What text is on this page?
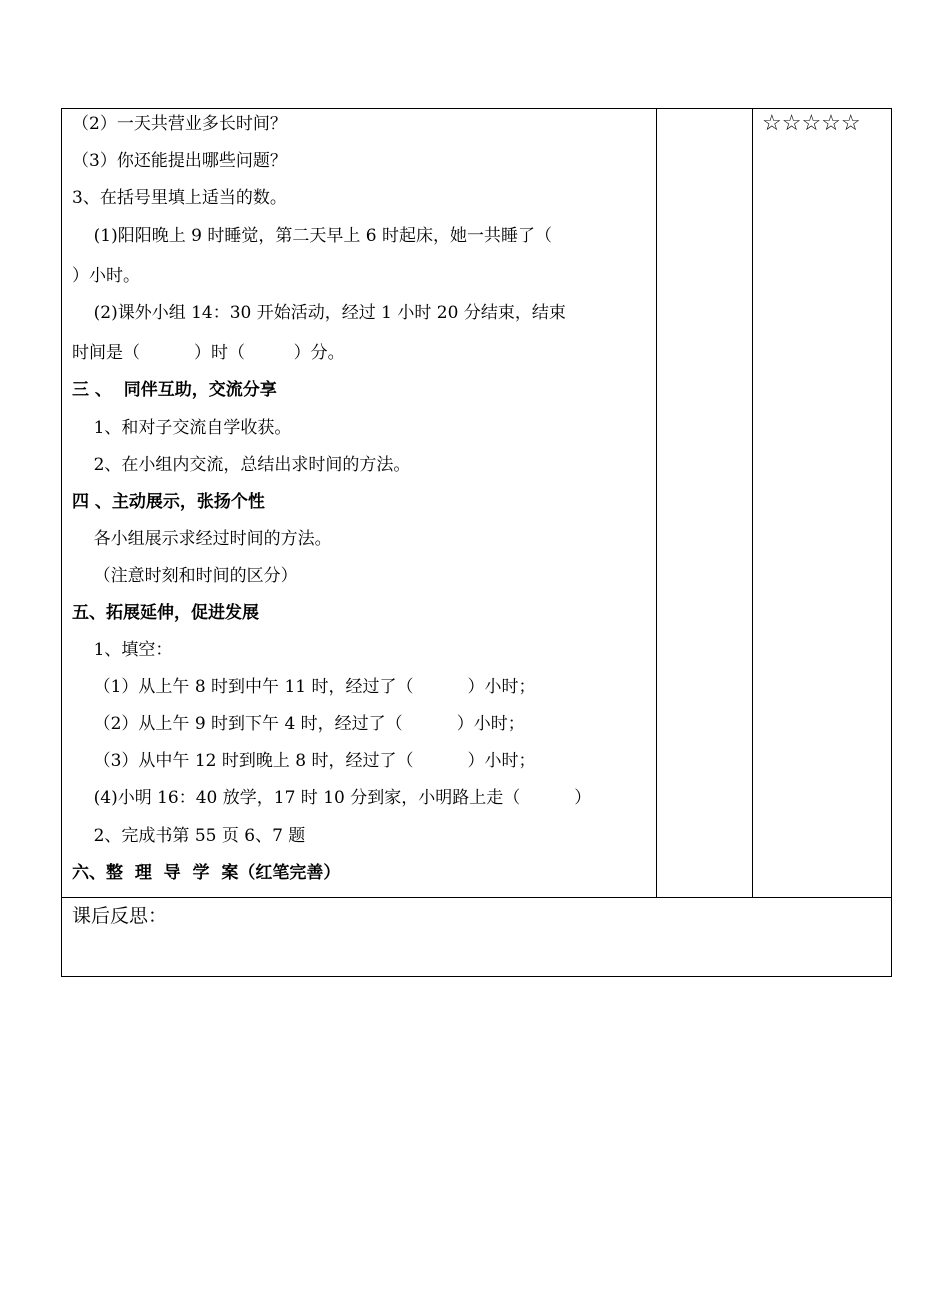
（2）一天共营业多长时间？
（3）你还能提出哪些问题？
3、在括号里填上适当的数。
(1)阳阳晚上 9 时睡觉，第二天早上 6 时起床，她一共睡了（
）小时。
(2)课外小组 14：30 开始活动，经过 1 小时 20 分结束，结束
时间是（          ）时（         ）分。
三 、  同伴互助，交流分享
1、和对子交流自学收获。
2、在小组内交流，总结出求时间的方法。
四 、主动展示，张扬个性
各小组展示求经过时间的方法。
（注意时刻和时间的区分）
五、拓展延伸，促进发展
1、填空：
（1）从上午 8 时到中午 11 时，经过了（          ）小时；
（2）从上午 9 时到下午 4 时，经过了（          ）小时；
（3）从中午 12 时到晚上 8 时，经过了（          ）小时；
(4)小明 16：40 放学，17 时 10 分到家，小明路上走（          ）
2、完成书第 55 页 6、7 题
六、整  理  导  学  案（红笔完善）
☆☆☆☆☆
课后反思：
